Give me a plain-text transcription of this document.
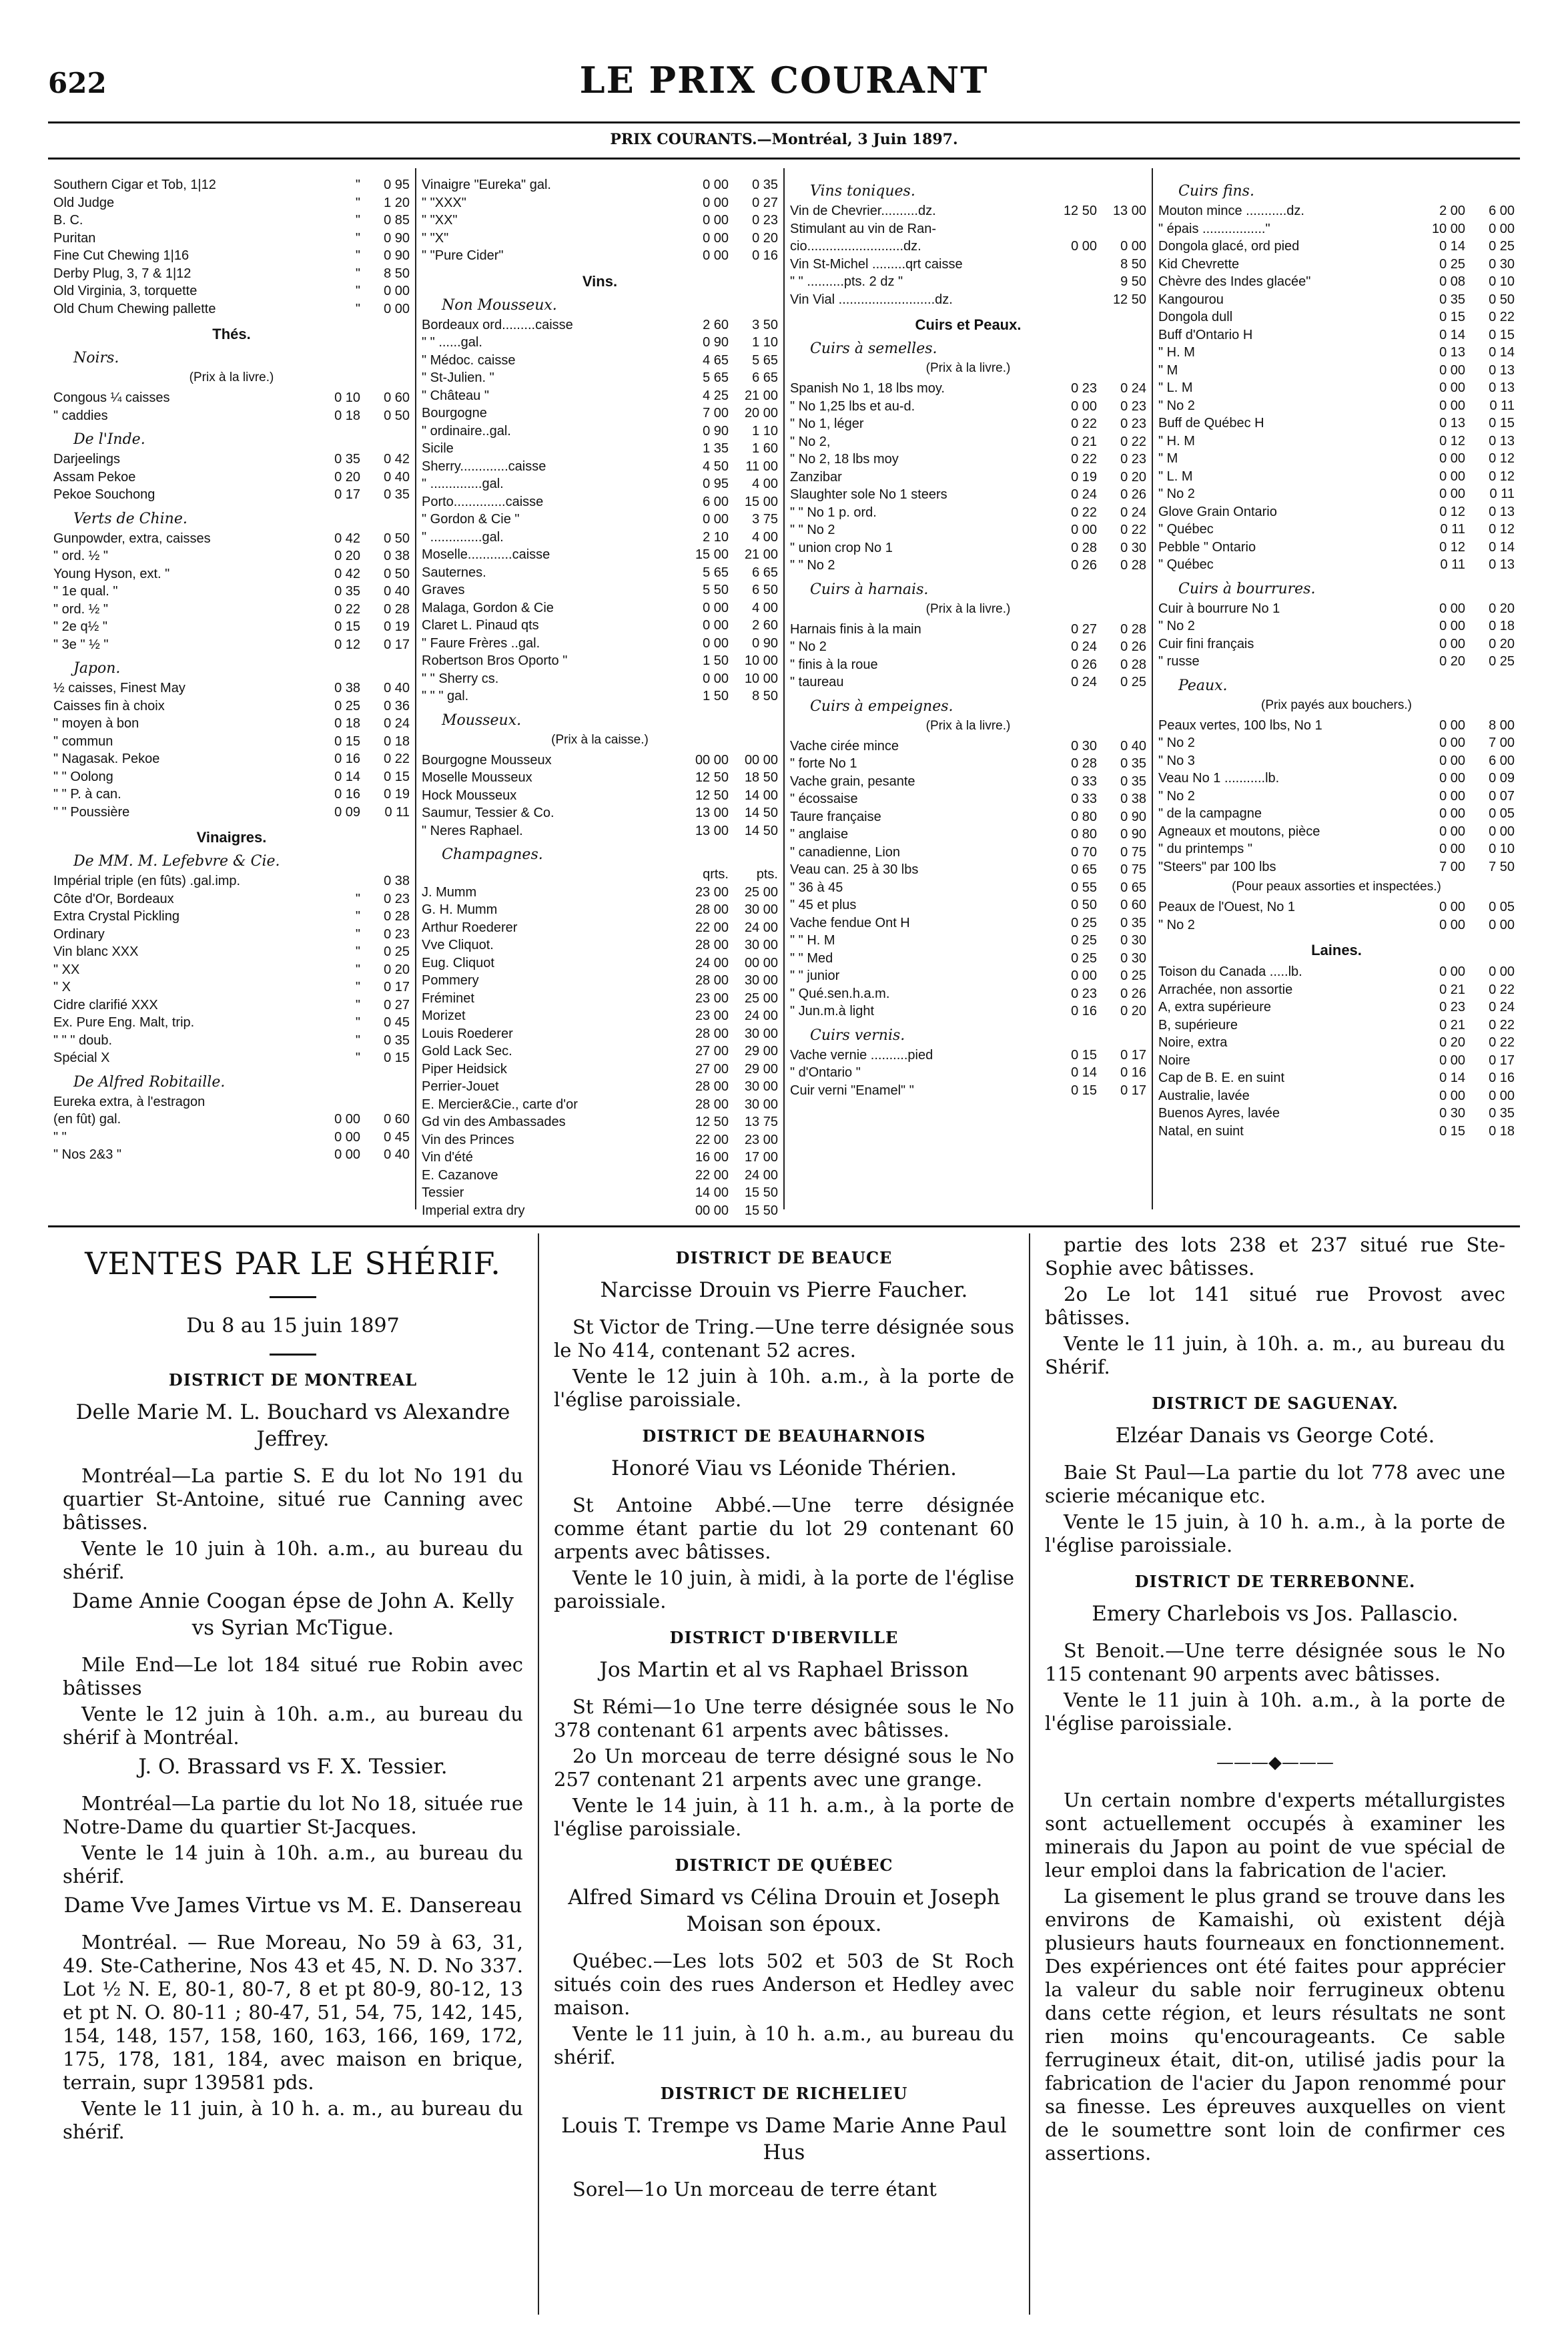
622	LE PRIX COURANT
PRIX COURANTS.—Montréal, 3 Juin 1897.
Southern Cigar et Tob, 1|12	"	0 95
Old Judge	"	1 20
B. C.	"	0 85
Puritan	"	0 90
Fine Cut Chewing 1|16	"	0 90
Derby Plug, 3, 7 & 1|12	"	8 50
Old Virginia, 3, torquette	"	0 00
Old Chum Chewing pallette	"	0 00
Thés.
Noirs.
(Prix à la livre.)
Congous ¼ caisses	0 10	0 60
" caddies	0 18	0 50
De l'Inde.
Darjeelings	0 35	0 42
Assam Pekoe	0 20	0 40
Pekoe Souchong	0 17	0 35
Verts de Chine.
Gunpowder, extra, caisses	0 42	0 50
" ord. ½ "	0 20	0 38
Young Hyson, ext. "	0 42	0 50
" 1e qual. "	0 35	0 40
" ord. ½ "	0 22	0 28
" 2e q½ "	0 15	0 19
" 3e " ½ "	0 12	0 17
Japon.
½ caisses, Finest May	0 38	0 40
Caisses fin à choix	0 25	0 36
" moyen à bon	0 18	0 24
" commun	0 15	0 18
" Nagasak. Pekoe	0 16	0 22
" " Oolong	0 14	0 15
" " P. à can.	0 16	0 19
" " Poussière	0 09	0 11
Vinaigres.
De MM. M. Lefebvre & Cie.
Impérial triple (en fûts) .gal.imp.	0 38
Côte d'Or, Bordeaux	"	0 23
Extra Crystal Pickling	"	0 28
Ordinary	"	0 23
Vin blanc XXX	"	0 25
" XX	"	0 20
" X	"	0 17
Cidre clarifié XXX	"	0 27
Ex. Pure Eng. Malt, trip.	"	0 45
" " " doub.	"	0 35
Spécial X	"	0 15
De Alfred Robitaille.
Eureka extra, à l'estragon
(en fût) gal.	0 00	0 60
" "	0 00	0 45
" Nos 2&3 "	0 00	0 40
Vinaigre "Eureka" gal.	0 00	0 35
" "XXX"	0 00	0 27
" "XX"	0 00	0 23
" "X"	0 00	0 20
" "Pure Cider"	0 00	0 16
Vins.
Non Mousseux.
Bordeaux ord.........caisse	2 60	3 50
" " ......gal.	0 90	1 10
" Médoc. caisse	4 65	5 65
" St-Julien. "	5 65	6 65
" Château "	4 25	21 00
Bourgogne	7 00	20 00
" ordinaire..gal.	0 90	1 10
Sicile	1 35	1 60
Sherry.............caisse	4 50	11 00
" ..............gal.	0 95	4 00
Porto..............caisse	6 00	15 00
" Gordon & Cie "	0 00	3 75
" ..............gal.	2 10	4 00
Moselle............caisse	15 00	21 00
Sauternes.	5 65	6 65
Graves	5 50	6 50
Malaga, Gordon & Cie	0 00	4 00
Claret L. Pinaud qts	0 00	2 60
" Faure Frères ..gal.	0 00	0 90
Robertson Bros Oporto "	1 50	10 00
" " Sherry cs.	0 00	10 00
" " " gal.	1 50	8 50
Mousseux.
(Prix à la caisse.)
Bourgogne Mousseux	00 00	00 00
Moselle Mousseux	12 50	18 50
Hock Mousseux	12 50	14 00
Saumur, Tessier & Co.	13 00	14 50
" Neres Raphael.	13 00	14 50
Champagnes.
qrts.	pts.
J. Mumm	23 00	25 00
G. H. Mumm	28 00	30 00
Arthur Roederer	22 00	24 00
Vve Cliquot.	28 00	30 00
Eug. Cliquot	24 00	00 00
Pommery	28 00	30 00
Fréminet	23 00	25 00
Morizet	23 00	24 00
Louis Roederer	28 00	30 00
Gold Lack Sec.	27 00	29 00
Piper Heidsick	27 00	29 00
Perrier-Jouet	28 00	30 00
E. Mercier&Cie., carte d'or	28 00	30 00
Gd vin des Ambassades	12 50	13 75
Vin des Princes	22 00	23 00
Vin d'été	16 00	17 00
E. Cazanove	22 00	24 00
Tessier	14 00	15 50
Imperial extra dry	00 00	15 50
Vins toniques.
Vin de Chevrier..........dz.	12 50	13 00
Stimulant au vin de Ran-
cio..........................dz.	0 00	0 00
Vin St-Michel .........qrt caisse	8 50
" " ..........pts. 2 dz "	9 50
Vin Vial ..........................dz.	12 50
Cuirs et Peaux.
Cuirs à semelles.
(Prix à la livre.)
Spanish No 1, 18 lbs moy.	0 23	0 24
" No 1,25 lbs et au-d.	0 00	0 23
" No 1, léger	0 22	0 23
" No 2,	0 21	0 22
" No 2, 18 lbs moy	0 22	0 23
Zanzibar	0 19	0 20
Slaughter sole No 1 steers	0 24	0 26
" " No 1 p. ord.	0 22	0 24
" " No 2	0 00	0 22
" union crop No 1	0 28	0 30
" " No 2	0 26	0 28
Cuirs à harnais.
(Prix à la livre.)
Harnais finis à la main	0 27	0 28
" No 2	0 24	0 26
" finis à la roue	0 26	0 28
" taureau	0 24	0 25
Cuirs à empeignes.
(Prix à la livre.)
Vache cirée mince	0 30	0 40
" forte No 1	0 28	0 35
Vache grain, pesante	0 33	0 35
" écossaise	0 33	0 38
Taure française	0 80	0 90
" anglaise	0 80	0 90
" canadienne, Lion	0 70	0 75
Veau can. 25 à 30 lbs	0 65	0 75
" 36 à 45	0 55	0 65
" 45 et plus	0 50	0 60
Vache fendue Ont H	0 25	0 35
" " H. M	0 25	0 30
" " Med	0 25	0 30
" " junior	0 00	0 25
" Qué.sen.h.a.m.	0 23	0 26
" Jun.m.à light	0 16	0 20
Cuirs vernis.
Vache vernie ..........pied	0 15	0 17
" d'Ontario "	0 14	0 16
Cuir verni "Enamel" "	0 15	0 17
Cuirs fins.
Mouton mince ...........dz.	2 00	6 00
" épais ................."	10 00	0 00
Dongola glacé, ord pied	0 14	0 25
Kid Chevrette	0 25	0 30
Chèvre des Indes glacée"	0 08	0 10
Kangourou	0 35	0 50
Dongola dull	0 15	0 22
Buff d'Ontario H	0 14	0 15
" H. M	0 13	0 14
" M	0 00	0 13
" L. M	0 00	0 13
" No 2	0 00	0 11
Buff de Québec H	0 13	0 15
" H. M	0 12	0 13
" M	0 00	0 12
" L. M	0 00	0 12
" No 2	0 00	0 11
Glove Grain Ontario	0 12	0 13
" Québec	0 11	0 12
Pebble " Ontario	0 12	0 14
" Québec	0 11	0 13
Cuirs à bourrures.
Cuir à bourrure No 1	0 00	0 20
" No 2	0 00	0 18
Cuir fini français	0 00	0 20
" russe	0 20	0 25
Peaux.
(Prix payés aux bouchers.)
Peaux vertes, 100 lbs, No 1	0 00	8 00
" No 2	0 00	7 00
" No 3	0 00	6 00
Veau No 1 ...........lb.	0 00	0 09
" No 2	0 00	0 07
" de la campagne	0 00	0 05
Agneaux et moutons, pièce	0 00	0 00
" du printemps "	0 00	0 10
"Steers" par 100 lbs	7 00	7 50
(Pour peaux assorties et inspectées.)
Peaux de l'Ouest, No 1	0 00	0 05
" No 2	0 00	0 00
Laines.
Toison du Canada .....lb.	0 00	0 00
Arrachée, non assortie	0 21	0 22
A, extra supérieure	0 23	0 24
B, supérieure	0 21	0 22
Noire, extra	0 20	0 22
Noire	0 00	0 17
Cap de B. E. en suint	0 14	0 16
Australie, lavée	0 00	0 00
Buenos Ayres, lavée	0 30	0 35
Natal, en suint	0 15	0 18
VENTES PAR LE SHÉRIF.
Du 8 au 15 juin 1897
DISTRICT DE MONTREAL
Delle Marie M. L. Bouchard vs Alexandre Jeffrey.

Montréal—La partie S. E du lot No 191 du quartier St-Antoine, situé rue Canning avec bâtisses.

Vente le 10 juin à 10h. a.m., au bureau du shérif.

Dame Annie Coogan épse de John A. Kelly vs Syrian McTigue.

Mile End—Le lot 184 situé rue Robin avec bâtisses

Vente le 12 juin à 10h. a.m., au bureau du shérif à Montréal.

J. O. Brassard vs F. X. Tessier.

Montréal—La partie du lot No 18, située rue Notre-Dame du quartier St-Jacques.

Vente le 14 juin à 10h. a.m., au bureau du shérif.

Dame Vve James Virtue vs M. E. Dansereau

Montréal. — Rue Moreau, No 59 à 63, 31, 49. Ste-Catherine, Nos 43 et 45, N. D. No 337. Lot ½ N. E, 80-1, 80-7, 8 et pt 80-9, 80-12, 13 et pt N. O. 80-11 ; 80-47, 51, 54, 75, 142, 145, 154, 148, 157, 158, 160, 163, 166, 169, 172, 175, 178, 181, 184, avec maison en brique, terrain, supr 139581 pds.

Vente le 11 juin, à 10 h. a. m., au bureau du shérif.

DISTRICT DE BEAUCE
Narcisse Drouin vs Pierre Faucher.

St Victor de Tring.—Une terre désignée sous le No 414, contenant 52 acres.

Vente le 12 juin à 10h. a.m., à la porte de l'église paroissiale.

DISTRICT DE BEAUHARNOIS
Honoré Viau vs Léonide Thérien.

St Antoine Abbé.—Une terre désignée comme étant partie du lot 29 contenant 60 arpents avec bâtisses.

Vente le 10 juin, à midi, à la porte de l'église paroissiale.

DISTRICT D'IBERVILLE
Jos Martin et al vs Raphael Brisson

St Rémi—1o Une terre désignée sous le No 378 contenant 61 arpents avec bâtisses.

2o Un morceau de terre désigné sous le No 257 contenant 21 arpents avec une grange.

Vente le 14 juin, à 11 h. a.m., à la porte de l'église paroissiale.

DISTRICT DE QUÉBEC
Alfred Simard vs Célina Drouin et Joseph Moisan son époux.

Québec.—Les lots 502 et 503 de St Roch situés coin des rues Anderson et Hedley avec maison.

Vente le 11 juin, à 10 h. a.m., au bureau du shérif.

DISTRICT DE RICHELIEU
Louis T. Trempe vs Dame Marie Anne Paul Hus

Sorel—1o Un morceau de terre étant

partie des lots 238 et 237 situé rue Ste-Sophie avec bâtisses.

2o Le lot 141 situé rue Provost avec bâtisses.

Vente le 11 juin, à 10h. a. m., au bureau du Shérif.

DISTRICT DE SAGUENAY.
Elzéar Danais vs George Coté.

Baie St Paul—La partie du lot 778 avec une scierie mécanique etc.

Vente le 15 juin, à 10 h. a.m., à la porte de l'église paroissiale.

DISTRICT DE TERREBONNE.
Emery Charlebois vs Jos. Pallascio.

St Benoit.—Une terre désignée sous le No 115 contenant 90 arpents avec bâtisses.

Vente le 11 juin à 10h. a.m., à la porte de l'église paroissiale.

———◆———

Un certain nombre d'experts métallurgistes sont actuellement occupés à examiner les minerais du Japon au point de vue spécial de leur emploi dans la fabrication de l'acier.

La gisement le plus grand se trouve dans les environs de Kamaishi, où existent déjà plusieurs hauts fourneaux en fonctionnement. Des expériences ont été faites pour apprécier la valeur du sable noir ferrugineux obtenu dans cette région, et leurs résultats ne sont rien moins qu'encourageants. Ce sable ferrugineux était, dit-on, utilisé jadis pour la fabrication de l'acier du Japon renommé pour sa finesse. Les épreuves auxquelles on vient de le soumettre sont loin de confirmer ces assertions.
